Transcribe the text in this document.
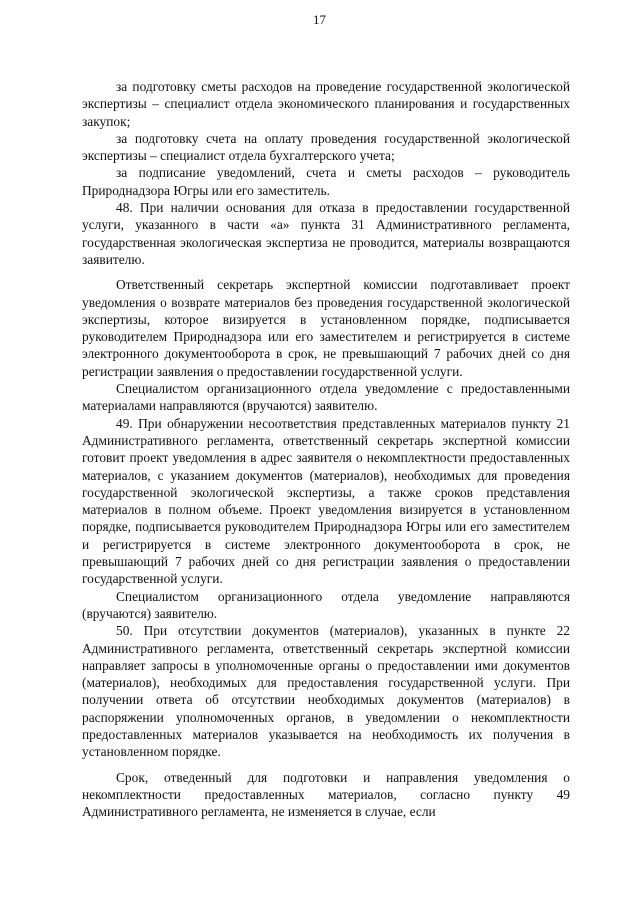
17

за подготовку сметы расходов на проведение государственной экологической экспертизы – специалист отдела экономического планирования и государственных закупок;

за подготовку счета на оплату проведения государственной экологической экспертизы – специалист отдела бухгалтерского учета;

за подписание уведомлений, счета и сметы расходов – руководитель Природнадзора Югры или его заместитель.

48. При наличии основания для отказа в предоставлении государственной услуги, указанного в части «а» пункта 31 Административного регламента, государственная экологическая экспертиза не проводится, материалы возвращаются заявителю.

Ответственный секретарь экспертной комиссии подготавливает проект уведомления о возврате материалов без проведения государственной экологической экспертизы, которое визируется в установленном порядке, подписывается руководителем Природнадзора или его заместителем и регистрируется в системе электронного документооборота в срок, не превышающий 7 рабочих дней со дня регистрации заявления о предоставлении государственной услуги.

Специалистом организационного отдела уведомление с предоставленными материалами направляются (вручаются) заявителю.

49. При обнаружении несоответствия представленных материалов пункту 21 Административного регламента, ответственный секретарь экспертной комиссии готовит проект уведомления в адрес заявителя о некомплектности предоставленных материалов, с указанием документов (материалов), необходимых для проведения государственной экологической экспертизы, а также сроков представления материалов в полном объеме. Проект уведомления визируется в установленном порядке, подписывается руководителем Природнадзора Югры или его заместителем и регистрируется в системе электронного документооборота в срок, не превышающий 7 рабочих дней со дня регистрации заявления о предоставлении государственной услуги.

Специалистом организационного отдела уведомление направляются (вручаются) заявителю.

50. При отсутствии документов (материалов), указанных в пункте 22 Административного регламента, ответственный секретарь экспертной комиссии направляет запросы в уполномоченные органы о предоставлении ими документов (материалов), необходимых для предоставления государственной услуги. При получении ответа об отсутствии необходимых документов (материалов) в распоряжении уполномоченных органов, в уведомлении о некомплектности предоставленных материалов указывается на необходимость их получения в установленном порядке.

Срок, отведенный для подготовки и направления уведомления о некомплектности предоставленных материалов, согласно пункту 49 Административного регламента, не изменяется в случае, если
